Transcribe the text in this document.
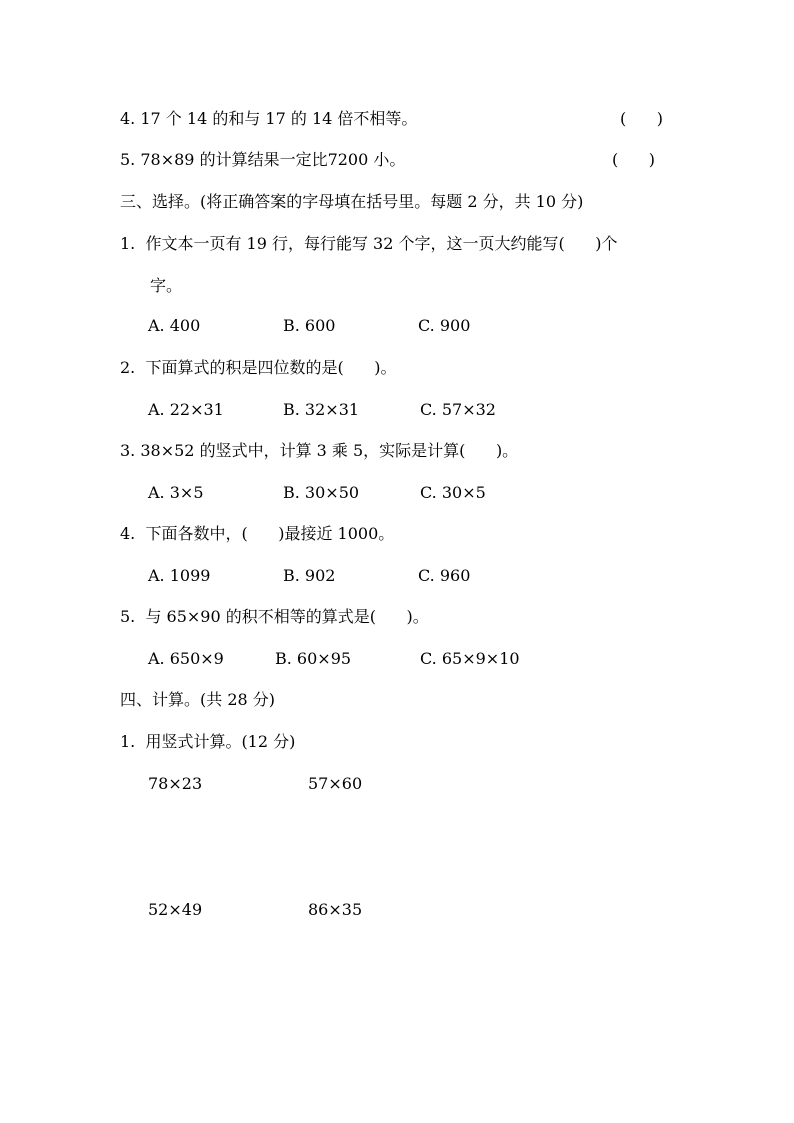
4. 17 个 14 的和与 17 的 14 倍不相等。	(      )
5. 78×89 的计算结果一定比7200 小。	(      )
三、选择。(将正确答案的字母填在括号里。每题 2 分，共 10 分)
1.  作文本一页有 19 行，每行能写 32 个字，这一页大约能写(      )个
字。
A. 400	B. 600	C. 900
2.  下面算式的积是四位数的是(      )。
A. 22×31	B. 32×31	C. 57×32
3. 38×52 的竖式中，计算 3 乘 5，实际是计算(      )。
A. 3×5	B. 30×50	C. 30×5
4.  下面各数中，(      )最接近 1000。
A. 1099	B. 902	C. 960
5.  与 65×90 的积不相等的算式是(      )。
A. 650×9	B. 60×95	C. 65×9×10
四、计算。(共 28 分)
1.  用竖式计算。(12 分)
78×23	57×60
52×49	86×35
